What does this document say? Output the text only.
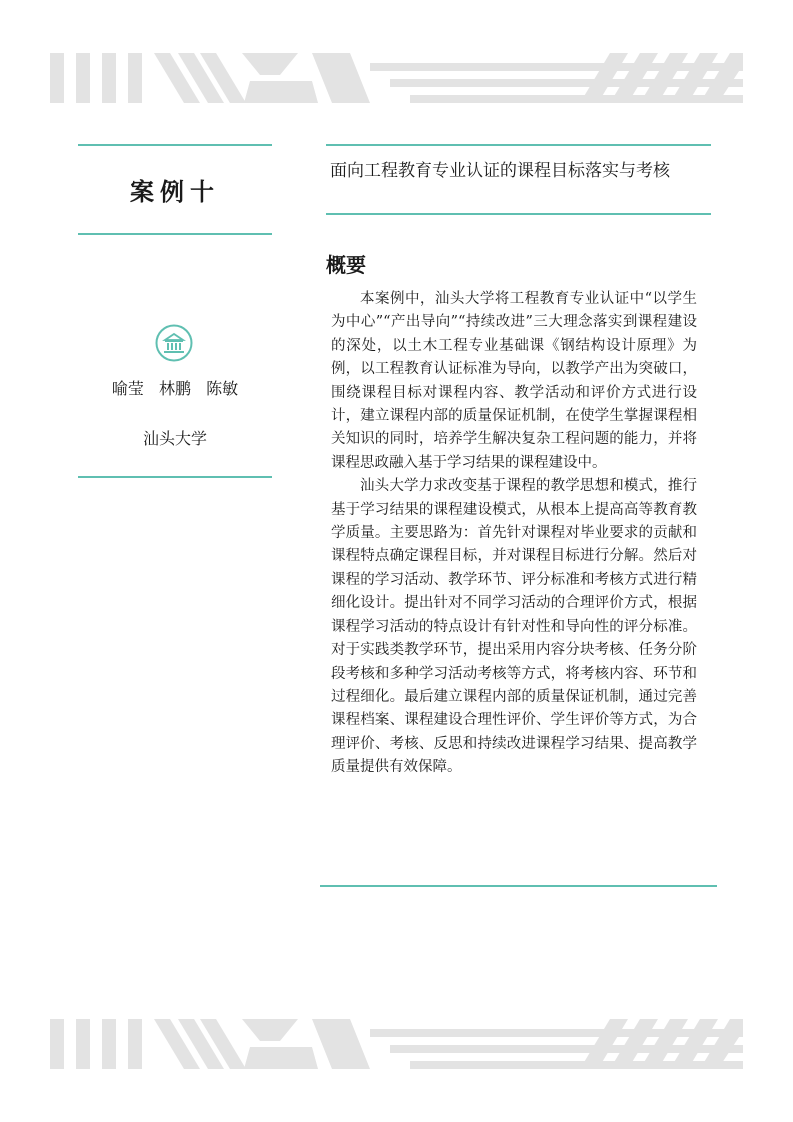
案例十
喻莹 林鹏 陈敏
汕头大学
面向工程教育专业认证的课程目标落实与考核
概要

本案例中，汕头大学将工程教育专业认证中“以学生为中心”“产出导向”“持续改进”三大理念落实到课程建设的深处，以土木工程专业基础课《钢结构设计原理》为例，以工程教育认证标准为导向，以教学产出为突破口，围绕课程目标对课程内容、教学活动和评价方式进行设计，建立课程内部的质量保证机制，在使学生掌握课程相关知识的同时，培养学生解决复杂工程问题的能力，并将课程思政融入基于学习结果的课程建设中。

汕头大学力求改变基于课程的教学思想和模式，推行基于学习结果的课程建设模式，从根本上提高高等教育教学质量。主要思路为：首先针对课程对毕业要求的贡献和课程特点确定课程目标，并对课程目标进行分解。然后对课程的学习活动、教学环节、评分标准和考核方式进行精细化设计。提出针对不同学习活动的合理评价方式，根据课程学习活动的特点设计有针对性和导向性的评分标准。对于实践类教学环节，提出采用内容分块考核、任务分阶段考核和多种学习活动考核等方式，将考核内容、环节和过程细化。最后建立课程内部的质量保证机制，通过完善课程档案、课程建设合理性评价、学生评价等方式，为合理评价、考核、反思和持续改进课程学习结果、提高教学质量提供有效保障。
